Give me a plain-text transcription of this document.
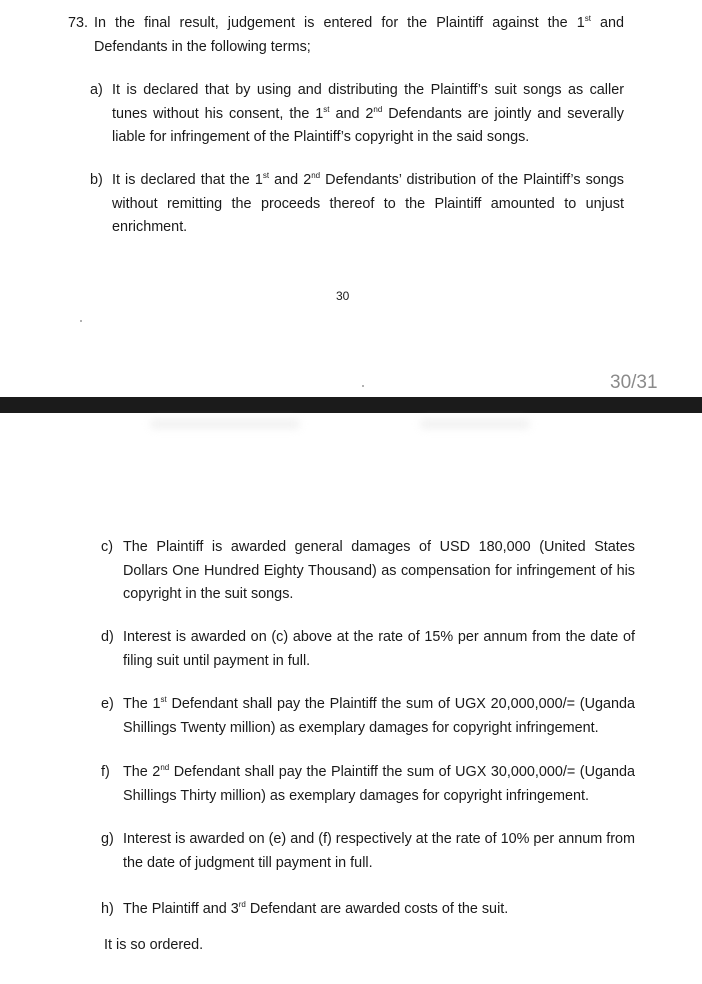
73. In the final result, judgement is entered for the Plaintiff against the 1st and Defendants in the following terms;

a) It is declared that by using and distributing the Plaintiff’s suit songs as caller tunes without his consent, the 1st and 2nd Defendants are jointly and severally liable for infringement of the Plaintiff’s copyright in the said songs.

b) It is declared that the 1st and 2nd Defendants’ distribution of the Plaintiff’s songs without remitting the proceeds thereof to the Plaintiff amounted to unjust enrichment.

30
30/31

c) The Plaintiff is awarded general damages of USD 180,000 (United States Dollars One Hundred Eighty Thousand) as compensation for infringement of his copyright in the suit songs.

d) Interest is awarded on (c) above at the rate of 15% per annum from the date of filing suit until payment in full.

e) The 1st Defendant shall pay the Plaintiff the sum of UGX 20,000,000/= (Uganda Shillings Twenty million) as exemplary damages for copyright infringement.

f) The 2nd Defendant shall pay the Plaintiff the sum of UGX 30,000,000/= (Uganda Shillings Thirty million) as exemplary damages for copyright infringement.

g) Interest is awarded on (e) and (f) respectively at the rate of 10% per annum from the date of judgment till payment in full.

h) The Plaintiff and 3rd Defendant are awarded costs of the suit.

It is so ordered.
